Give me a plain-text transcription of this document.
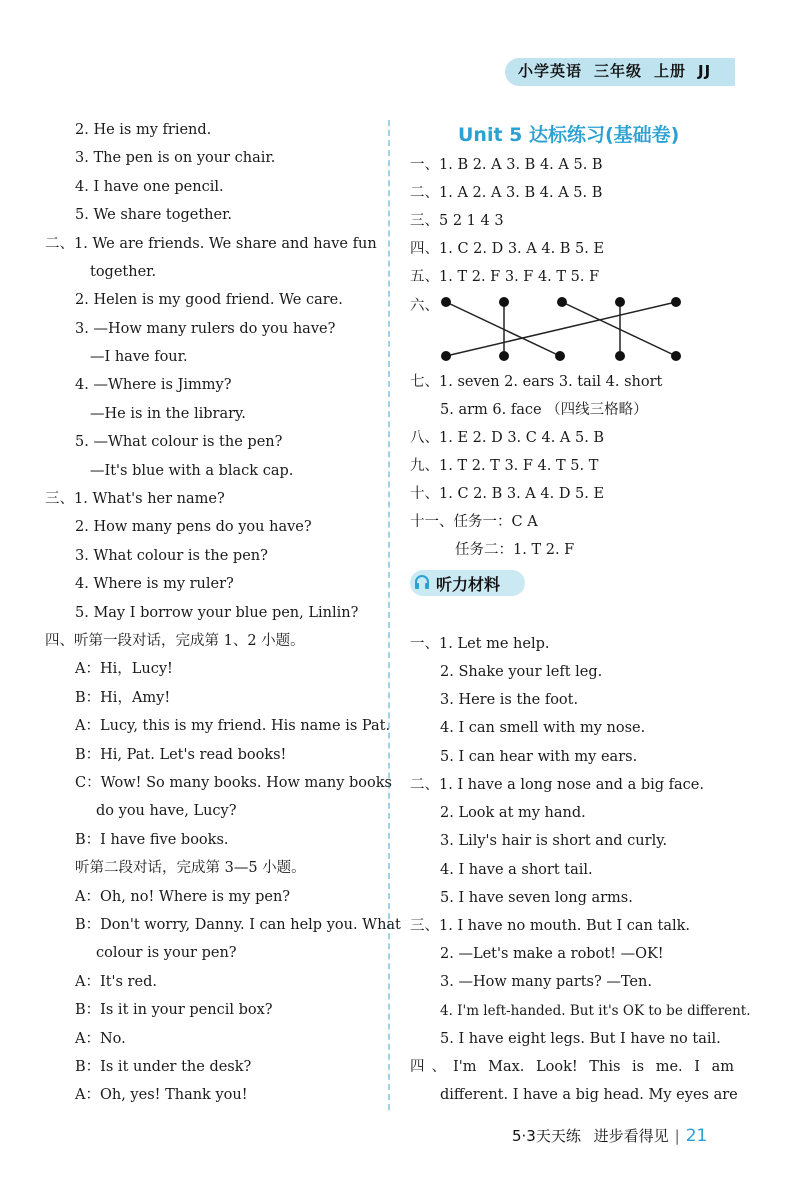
小学英语 三年级 上册 JJ
2. He is my friend.
3. The pen is on your chair.
4. I have one pencil.
5. We share together.
二、1. We are friends. We share and have fun
together.
2. Helen is my good friend. We care.
3. —How many rulers do you have?
—I have four.
4. —Where is Jimmy?
—He is in the library.
5. —What colour is the pen?
—It's blue with a black cap.
三、1. What's her name?
2. How many pens do you have?
3. What colour is the pen?
4. Where is my ruler?
5. May I borrow your blue pen, Linlin?
四、听第一段对话，完成第 1、2 小题。
A：Hi，Lucy!
B：Hi，Amy!
A：Lucy, this is my friend. His name is Pat.
B：Hi, Pat. Let's read books!
C：Wow! So many books. How many books
do you have, Lucy?
B：I have five books.
听第二段对话，完成第 3—5 小题。
A：Oh, no! Where is my pen?
B：Don't worry, Danny. I can help you. What
colour is your pen?
A：It's red.
B：Is it in your pencil box?
A：No.
B：Is it under the desk?
A：Oh, yes! Thank you!
Unit 5 达标练习(基础卷)
一、1. B 2. A 3. B 4. A 5. B
二、1. A 2. A 3. B 4. A 5. B
三、5 2 1 4 3
四、1. C 2. D 3. A 4. B 5. E
五、1. T 2. F 3. F 4. T 5. F
六、
七、1. seven 2. ears 3. tail 4. short
5. arm 6. face （四线三格略）
八、1. E 2. D 3. C 4. A 5. B
九、1. T 2. T 3. F 4. T 5. T
十、1. C 2. B 3. A 4. D 5. E
十一、任务一：C A
任务二：1. T 2. F
听力材料
一、1. Let me help.
2. Shake your left leg.
3. Here is the foot.
4. I can smell with my nose.
5. I can hear with my ears.
二、1. I have a long nose and a big face.
2. Look at my hand.
3. Lily's hair is short and curly.
4. I have a short tail.
5. I have seven long arms.
三、1. I have no mouth. But I can talk.
2. —Let's make a robot! —OK!
3. —How many parts? —Ten.
4. I'm left-handed. But it's OK to be different.
5. I have eight legs. But I have no tail.
四、I'm Max. Look! This is me. I am
different. I have a big head. My eyes are
5·3天天练 进步看得见 | 21
